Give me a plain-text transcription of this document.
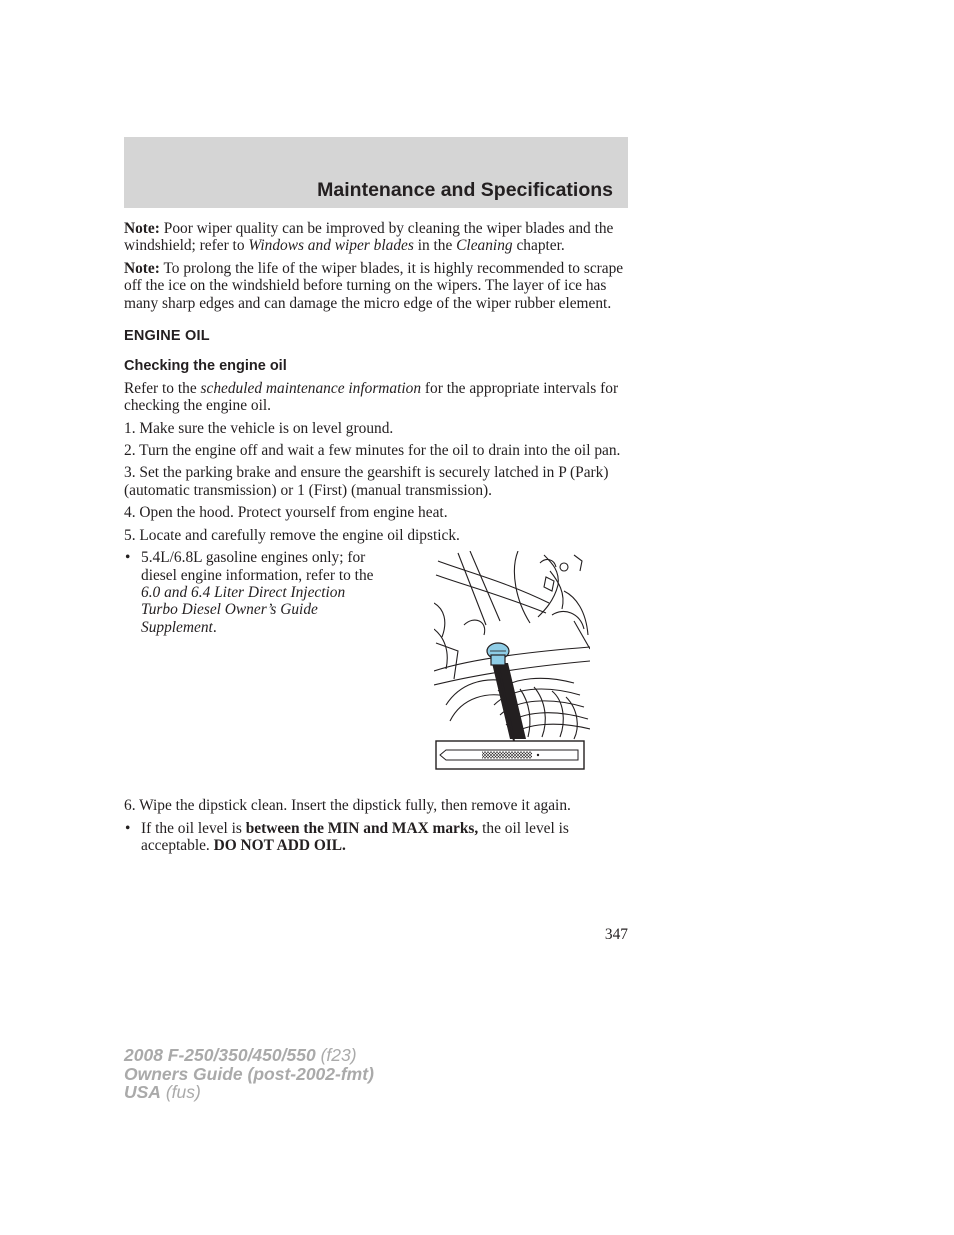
Maintenance and Specifications

Note: Poor wiper quality can be improved by cleaning the wiper blades and the windshield; refer to Windows and wiper blades in the Cleaning chapter.

Note: To prolong the life of the wiper blades, it is highly recommended to scrape off the ice on the windshield before turning on the wipers. The layer of ice has many sharp edges and can damage the micro edge of the wiper rubber element.

ENGINE OIL
Checking the engine oil

Refer to the scheduled maintenance information for the appropriate intervals for checking the engine oil.

1. Make sure the vehicle is on level ground.

2. Turn the engine off and wait a few minutes for the oil to drain into the oil pan.

3. Set the parking brake and ensure the gearshift is securely latched in P (Park) (automatic transmission) or 1 (First) (manual transmission).

4. Open the hood. Protect yourself from engine heat.

5. Locate and carefully remove the engine oil dipstick.

• 5.4L/6.8L gasoline engines only; for diesel engine information, refer to the 6.0 and 6.4 Liter Direct Injection Turbo Diesel Owner’s Guide Supplement.

6. Wipe the dipstick clean. Insert the dipstick fully, then remove it again.

• If the oil level is between the MIN and MAX marks, the oil level is acceptable. DO NOT ADD OIL.
347
2008 F-250/350/450/550 (f23)
Owners Guide (post-2002-fmt)
USA (fus)
